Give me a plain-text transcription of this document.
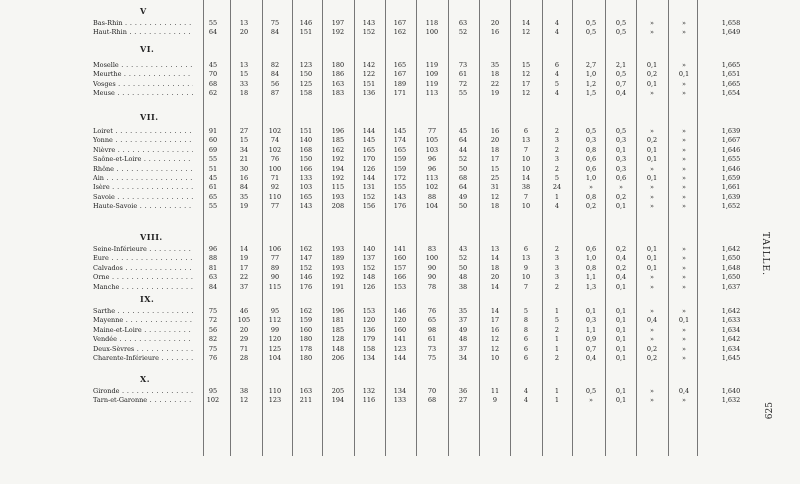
V
Bas-Rhin . . .	55	13	75	146	197	143	167	118	63	20	14	4	0,5	0,5	»	»	1,658
Haut-Rhin . . .	64	20	84	151	192	152	162	100	52	16	12	4	0,5	0,5	»	»	1,649
VI.
Moselle . . .	45	13	82	123	180	142	165	119	73	35	15	6	2,7	2,1	0,1	»	1,665
Meurthe . . .	70	15	84	150	186	122	167	109	61	18	12	4	1,0	0,5	0,2	0,1	1,651
Vosges . . .	68	33	56	125	163	151	189	119	72	22	17	5	1,2	0,7	0,1	»	1,665
Meuse . . .	62	18	87	158	183	136	171	113	55	19	12	4	1,5	0,4	»	»	1,654
VII.
Loiret . . .	91	27	102	151	196	144	145	77	45	16	6	2	0,5	0,5	»	»	1,639
Yonne . . .	60	15	74	140	185	145	174	105	64	20	13	3	0,3	0,3	0,2	»	1,667
Nièvre . . .	69	34	102	168	162	165	165	103	44	18	7	2	0,8	0,1	0,1	»	1,646
Saône-et-Loire . . .	55	21	76	150	192	170	159	96	52	17	10	3	0,6	0,3	0,1	»	1,655
Rhône . . .	51	30	100	166	194	126	159	96	50	15	10	2	0,6	0,3	»	»	1,646
Ain . . .	45	16	71	133	192	144	172	113	68	25	14	5	1,0	0,6	0,1	»	1,659
Isère . . .	61	84	92	103	115	131	155	102	64	31	38	24	»	»	»	»	1,661
Savoie . . .	65	35	110	165	193	152	143	88	49	12	7	1	0,8	0,2	»	»	1,639
Haute-Savoie . . .	55	19	77	143	208	156	176	104	50	18	10	4	0,2	0,1	»	»	1,652
VIII.
Seine-Inférieure . . .	96	14	106	162	193	140	141	83	43	13	6	2	0,6	0,2	0,1	»	1,642
Eure . . .	88	19	77	147	189	137	160	100	52	14	13	3	1,0	0,4	0,1	»	1,650
Calvados . . .	81	17	89	152	193	152	157	90	50	18	9	3	0,8	0,2	0,1	»	1,648
Orne . . .	63	22	90	146	192	148	166	90	48	20	10	3	1,1	0,4	»	»	1,650
Manche . . .	84	37	115	176	191	126	153	78	38	14	7	2	1,3	0,1	»	»	1,637
IX.
Sarthe . . .	75	46	95	162	196	153	146	76	35	14	5	1	0,1	0,1	»	»	1,642
Mayenne . . .	72	105	112	159	181	120	120	65	37	17	8	5	0,3	0,1	0,4	0,1	1,633
Maine-et-Loire . . .	56	20	99	160	185	136	160	98	49	16	8	2	1,1	0,1	»	»	1,634
Vendée . . .	82	29	120	180	128	179	141	61	48	12	6	1	0,9	0,1	»	»	1,642
Deux-Sèvres . . .	75	71	125	178	148	158	123	73	37	12	6	1	0,7	0,1	0,2	»	1,634
Charente-Inférieure . . .	76	28	104	180	206	134	144	75	34	10	6	2	0,4	0,1	0,2	»	1,645
X.
Gironde . . .	95	38	110	163	205	132	134	70	36	11	4	1	0,5	0,1	»	0,4	1,640
Tarn-et-Garonne . . .	102	12	123	211	194	116	133	68	27	9	4	1	»	0,1	»	»	1,632
TAILLE.
625
